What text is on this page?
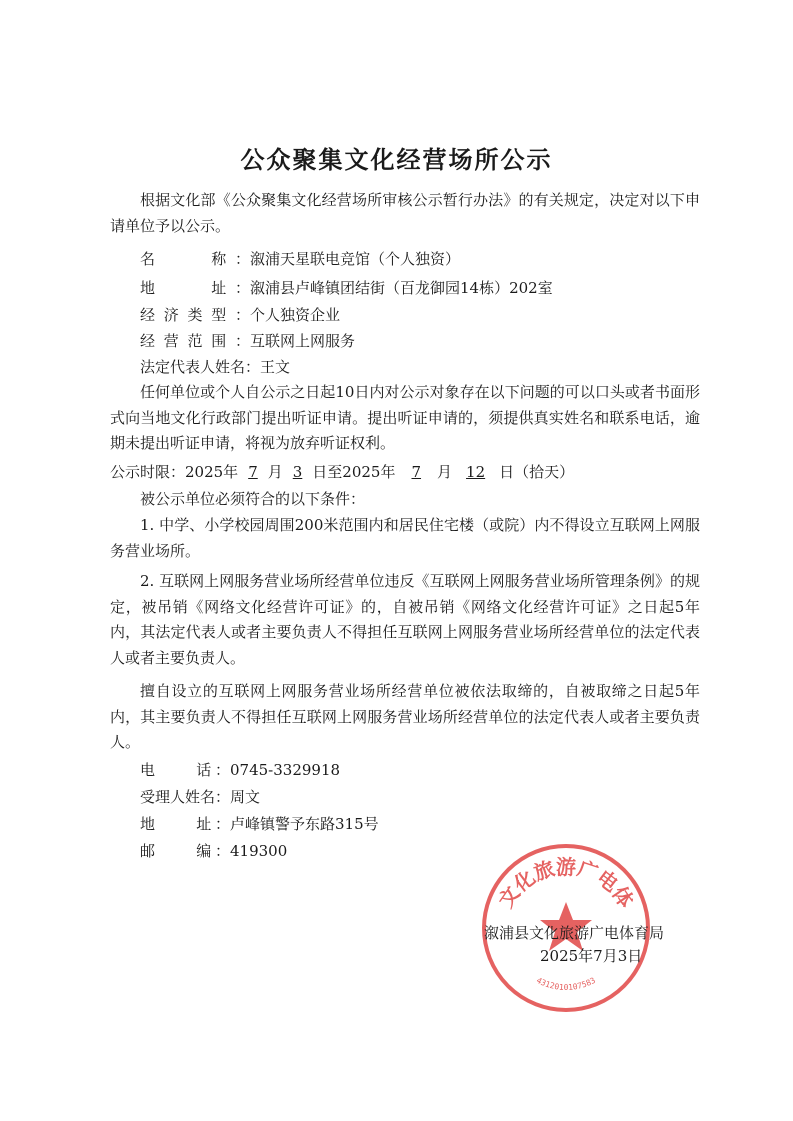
公众聚集文化经营场所公示
根据文化部《公众聚集文化经营场所审核公示暂行办法》的有关规定，决定对以下申请单位予以公示。
名　　称：溆浦天星联电竞馆（个人独资）
地　　址：溆浦县卢峰镇团结街（百龙御园14栋）202室
经济类型：个人独资企业
经营范围：互联网上网服务
法定代表人姓名：王文
任何单位或个人自公示之日起10日内对公示对象存在以下问题的可以口头或者书面形式向当地文化行政部门提出听证申请。提出听证申请的，须提供真实姓名和联系电话，逾期未提出听证申请，将视为放弃听证权利。
公示时限：2025年 7 月 3 日至2025年 7 月 12 日（拾天）
被公示单位必须符合的以下条件：
1. 中学、小学校园周围200米范围内和居民住宅楼（或院）内不得设立互联网上网服务营业场所。
2. 互联网上网服务营业场所经营单位违反《互联网上网服务营业场所管理条例》的规定，被吊销《网络文化经营许可证》的，自被吊销《网络文化经营许可证》之日起5年内，其法定代表人或者主要负责人不得担任互联网上网服务营业场所经营单位的法定代表人或者主要负责人。
擅自设立的互联网上网服务营业场所经营单位被依法取缔的，自被取缔之日起5年内，其主要负责人不得担任互联网上网服务营业场所经营单位的法定代表人或者主要负责人。
电　　话：0745-3329918
受理人姓名：周文
地　　址：卢峰镇警予东路315号
邮　　编：419300
文化旅游广电体
4312010107583
溆浦县文化旅游广电体育局
2025年7月3日
